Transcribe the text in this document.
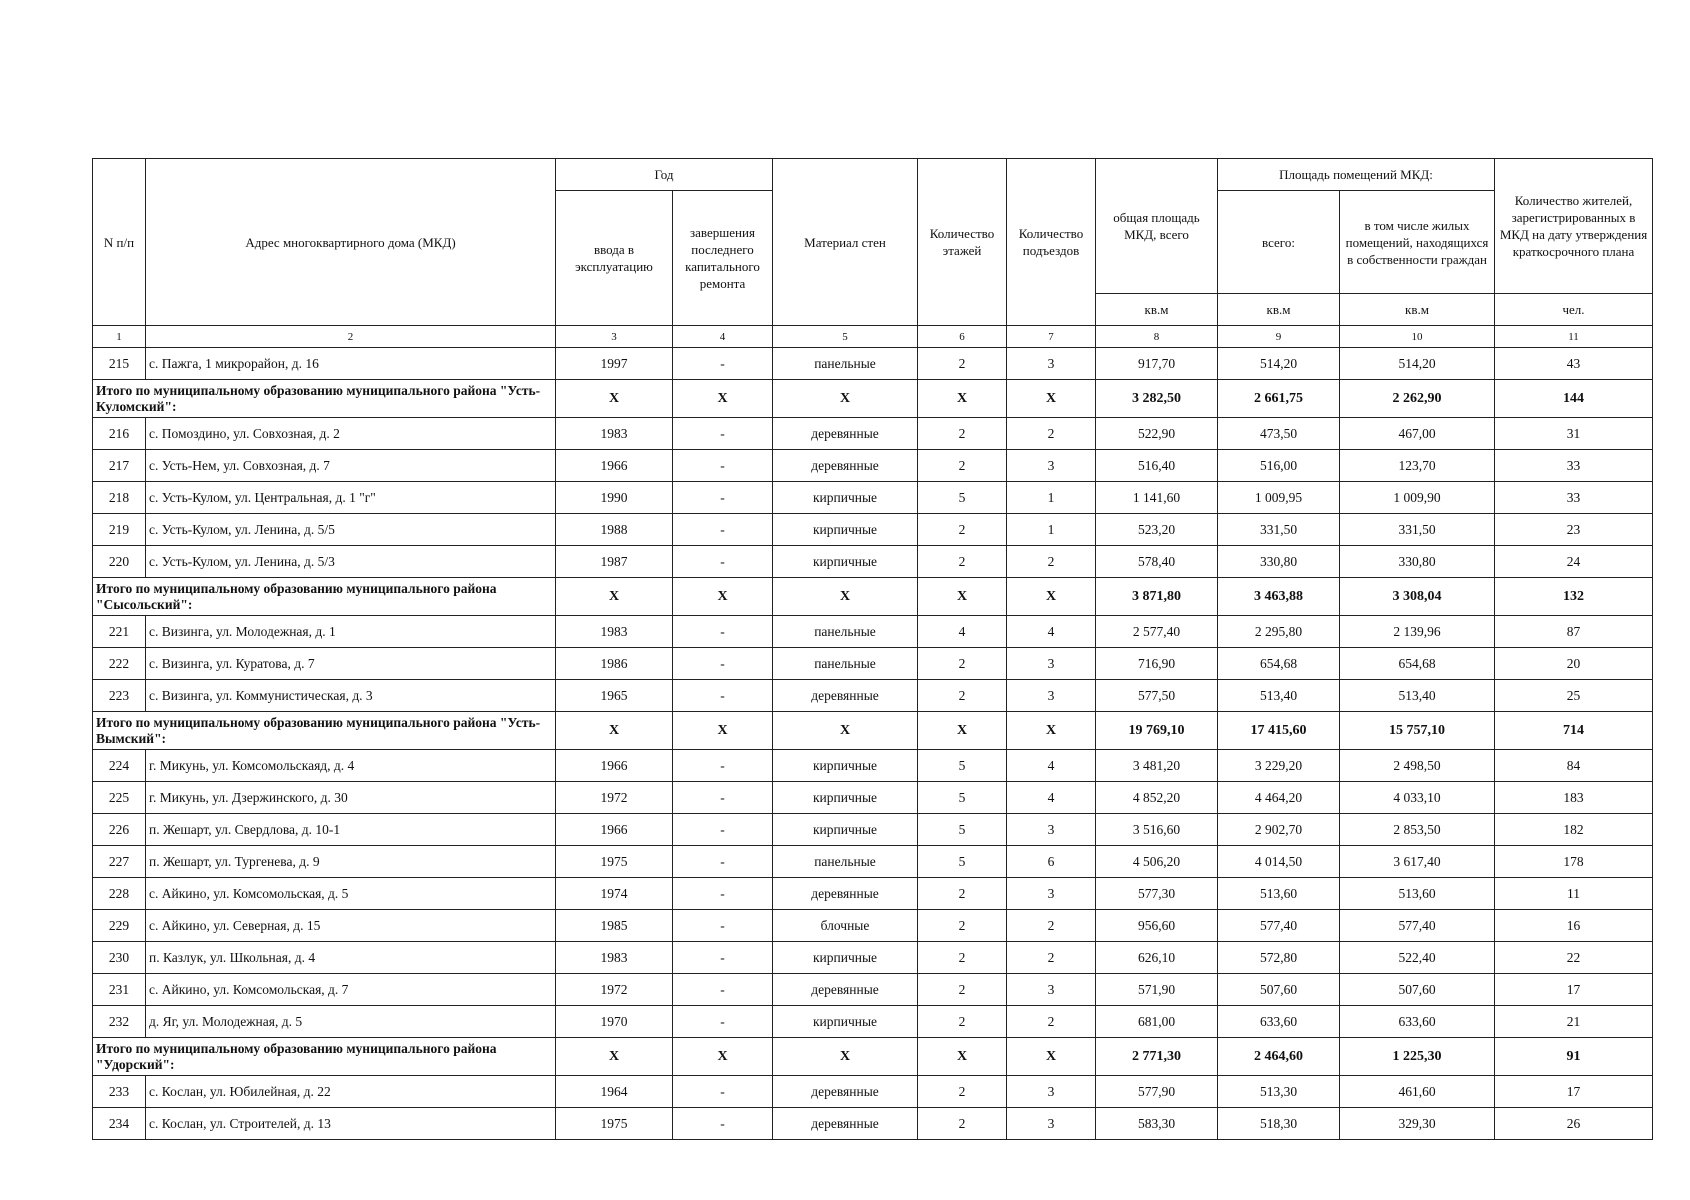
N п/п	Адрес многоквартирного дома (МКД)	Год		Материал стен	Количество этажей	Количество подъездов	общая площадь МКД, всего	Площадь помещений МКД:		Количество жителей, зарегистрированных в МКД на дату утверждения краткосрочного плана
		ввода в эксплуатацию	завершения последнего капитального ремонта					всего:	в том числе жилых помещений, находящихся в собственности граждан	
							кв.м	кв.м	кв.м	чел.
1	2	3	4	5	6	7	8	9	10	11
215	с. Пажга, 1 микрорайон, д. 16	1997	-	панельные	2	3	917,70	514,20	514,20	43
Итого по муниципальному образованию муниципального района "Усть-Куломский":		X	X	X	X	X	3 282,50	2 661,75	2 262,90	144
216	с. Помоздино, ул. Совхозная, д. 2	1983	-	деревянные	2	2	522,90	473,50	467,00	31
217	с. Усть-Нем, ул. Совхозная, д. 7	1966	-	деревянные	2	3	516,40	516,00	123,70	33
218	с. Усть-Кулом, ул. Центральная, д. 1 "г"	1990	-	кирпичные	5	1	1 141,60	1 009,95	1 009,90	33
219	с. Усть-Кулом, ул. Ленина, д. 5/5	1988	-	кирпичные	2	1	523,20	331,50	331,50	23
220	с. Усть-Кулом, ул. Ленина, д. 5/3	1987	-	кирпичные	2	2	578,40	330,80	330,80	24
Итого по муниципальному образованию муниципального района "Сысольский":		X	X	X	X	X	3 871,80	3 463,88	3 308,04	132
221	с. Визинга, ул. Молодежная, д. 1	1983	-	панельные	4	4	2 577,40	2 295,80	2 139,96	87
222	с. Визинга, ул. Куратова, д. 7	1986	-	панельные	2	3	716,90	654,68	654,68	20
223	с. Визинга, ул. Коммунистическая, д. 3	1965	-	деревянные	2	3	577,50	513,40	513,40	25
Итого по муниципальному образованию муниципального района "Усть-Вымский":		X	X	X	X	X	19 769,10	17 415,60	15 757,10	714
224	г. Микунь, ул. Комсомольскаяд, д. 4	1966	-	кирпичные	5	4	3 481,20	3 229,20	2 498,50	84
225	г. Микунь, ул. Дзержинского, д. 30	1972	-	кирпичные	5	4	4 852,20	4 464,20	4 033,10	183
226	п. Жешарт, ул. Свердлова, д. 10-1	1966	-	кирпичные	5	3	3 516,60	2 902,70	2 853,50	182
227	п. Жешарт, ул. Тургенева, д. 9	1975	-	панельные	5	6	4 506,20	4 014,50	3 617,40	178
228	с. Айкино, ул. Комсомольская, д. 5	1974	-	деревянные	2	3	577,30	513,60	513,60	11
229	с. Айкино, ул. Северная, д. 15	1985	-	блочные	2	2	956,60	577,40	577,40	16
230	п. Казлук, ул. Школьная, д. 4	1983	-	кирпичные	2	2	626,10	572,80	522,40	22
231	с. Айкино, ул. Комсомольская, д. 7	1972	-	деревянные	2	3	571,90	507,60	507,60	17
232	д. Яг, ул. Молодежная, д. 5	1970	-	кирпичные	2	2	681,00	633,60	633,60	21
Итого по муниципальному образованию муниципального района "Удорский":		X	X	X	X	X	2 771,30	2 464,60	1 225,30	91
233	с. Кослан, ул. Юбилейная, д. 22	1964	-	деревянные	2	3	577,90	513,30	461,60	17
234	с. Кослан, ул. Строителей, д. 13	1975	-	деревянные	2	3	583,30	518,30	329,30	26
